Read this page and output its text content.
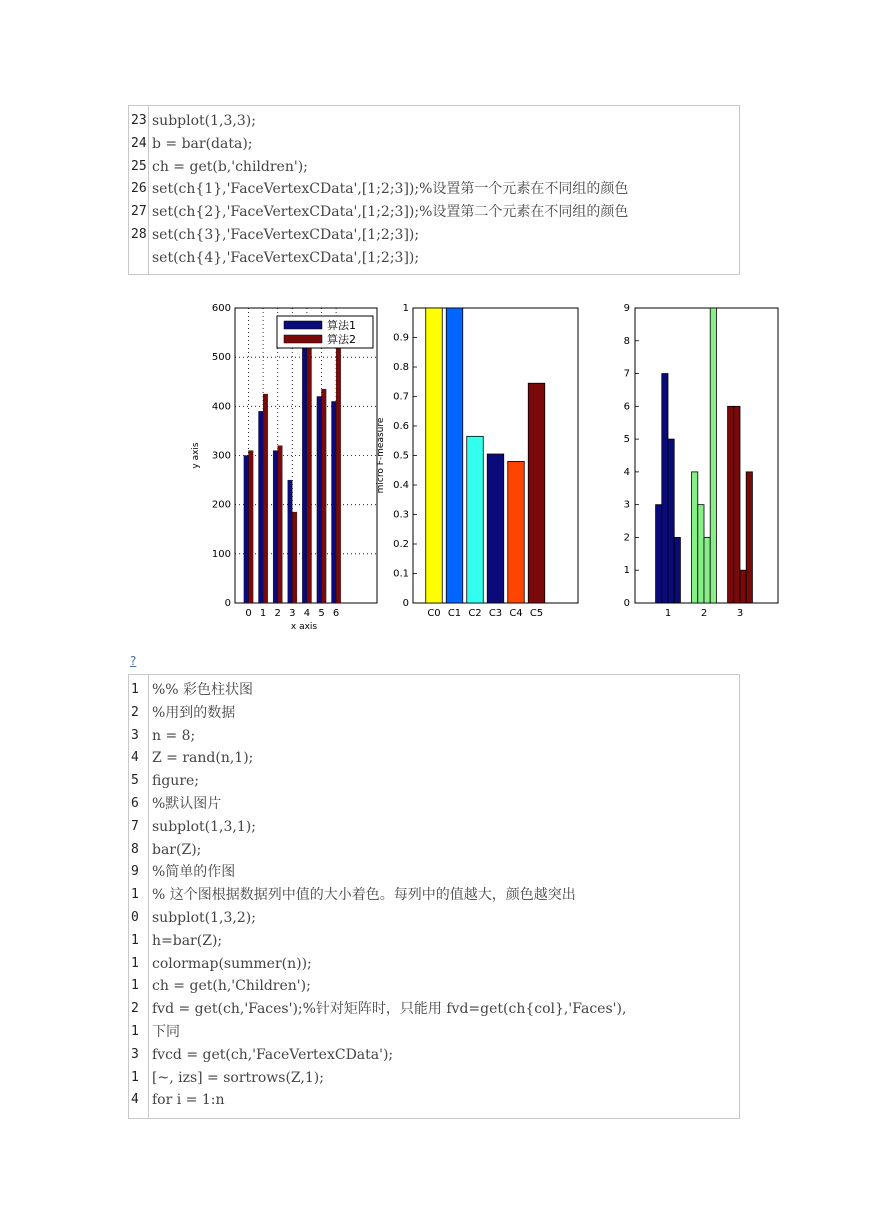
23 subplot(1,3,3);
24 b = bar(data);
25 ch = get(b,'children');
26 set(ch{1},'FaceVertexCData',[1;2;3]);%设置第一个元素在不同组的颜色
27 set(ch{2},'FaceVertexCData',[1;2;3]);%设置第二个元素在不同组的颜色
28 set(ch{3},'FaceVertexCData',[1;2;3]);
set(ch{4},'FaceVertexCData',[1;2;3]);
0
100
200
300
400
500
600
0 1 2 3 4 5 6
算法1
算法2
x axis
y axis
0
0.1
0.2
0.3
0.4
0.5
0.6
0.7
0.8
0.9
1
C0 C1 C2 C3 C4 C5
micro F-measure
0
1
2
3
4
5
6
7
8
9
1	2	3
?
1 %% 彩色柱状图
2 %用到的数据
3 n = 8;
4 Z = rand(n,1);
5 figure;
6 %默认图片
7 subplot(1,3,1);
8 bar(Z);
9 %简单的作图
1 % 这个图根据数据列中值的大小着色。每列中的值越大，颜色越突出
0 subplot(1,3,2);
1 h=bar(Z);
1 colormap(summer(n));
1 ch = get(h,'Children');
2 fvd = get(ch,'Faces');%针对矩阵时，只能用 fvd=get(ch{col},'Faces'),
1 下同
3 fvcd = get(ch,'FaceVertexCData');
1 [~, izs] = sortrows(Z,1);
4 for i = 1:n
